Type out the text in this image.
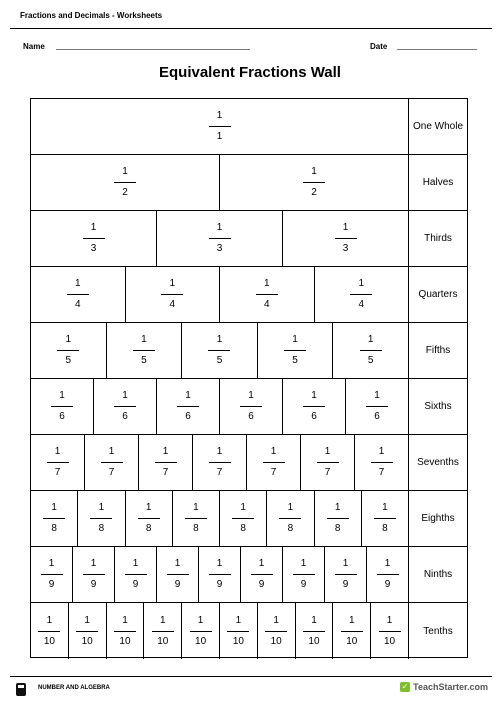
Fractions and Decimals - Worksheets
Name	Date
Equivalent Fractions Wall
$\frac{1}{1}$ One Whole
$\frac{1}{2} \frac{1}{2}$	Halves
$\frac{1}{3} \frac{1}{3} \frac{1}{3}$	Thirds
$\frac{1}{4} \frac{1}{4} \frac{1}{4} \frac{1}{4}$	Quarters
$\frac{1}{5} \frac{1}{5} \frac{1}{5} \frac{1}{5} \frac{1}{5}$	Fifths
$\frac{1}{6} \frac{1}{6} \frac{1}{6} \frac{1}{6} \frac{1}{6} \frac{1}{6}$	Sixths
$\frac{1}{7} \frac{1}{7} \frac{1}{7} \frac{1}{7} \frac{1}{7} \frac{1}{7} \frac{1}{7}$ Sevenths
$\frac{1}{8} \frac{1}{8} \frac{1}{8} \frac{1}{8} \frac{1}{8} \frac{1}{8} \frac{1}{8} \frac{1}{8}$	Eighths
$\frac{1}{9} \frac{1}{9} \frac{1}{9} \frac{1}{9} \frac{1}{9} \frac{1}{9} \frac{1}{9} \frac{1}{9} \frac{1}{9}$	Ninths
$\frac{1}{10} \frac{1}{10} \frac{1}{10} \frac{1}{10} \frac{1}{10} \frac{1}{10} \frac{1}{10} \frac{1}{10} \frac{1}{10} \frac{1}{10}$	Tenths
NUMBER AND ALGEBRA	✓ TeachStarter.com
